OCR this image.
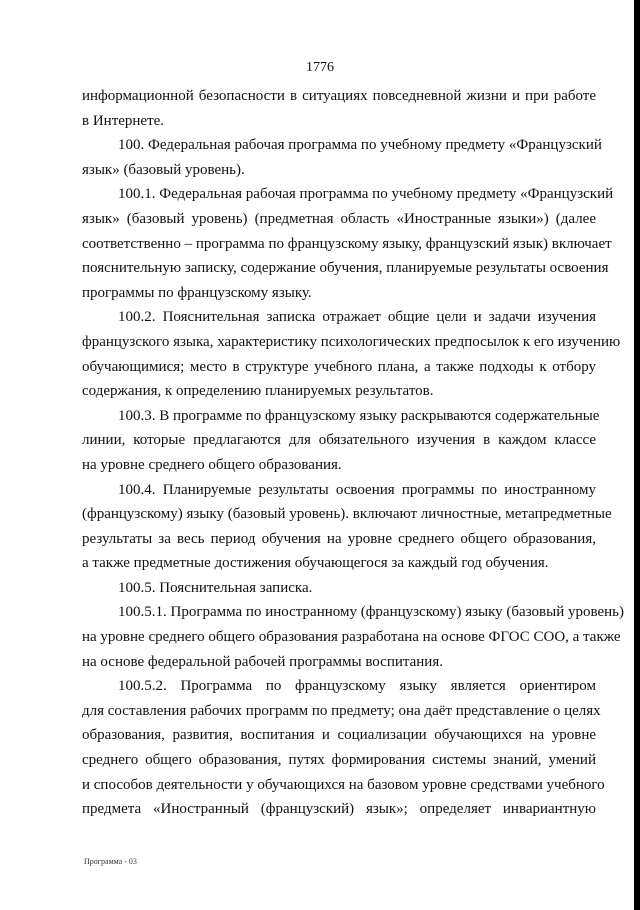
1776
информационной безопасности в ситуациях повседневной жизни и при работе
в Интернете.
100. Федеральная рабочая программа по учебному предмету «Французский
язык» (базовый уровень).
100.1. Федеральная рабочая программа по учебному предмету «Французский
язык» (базовый уровень) (предметная область «Иностранные языки») (далее
соответственно – программа по французскому языку, французский язык) включает
пояснительную записку, содержание обучения, планируемые результаты освоения
программы по французскому языку.
100.2. Пояснительная записка отражает общие цели и задачи изучения
французского языка, характеристику психологических предпосылок к его изучению
обучающимися; место в структуре учебного плана, а также подходы к отбору
содержания, к определению планируемых результатов.
100.3. В программе по французскому языку раскрываются содержательные
линии, которые предлагаются для обязательного изучения в каждом классе
на уровне среднего общего образования.
100.4. Планируемые результаты освоения программы по иностранному
(французскому) языку (базовый уровень). включают личностные, метапредметные
результаты за весь период обучения на уровне среднего общего образования,
а также предметные достижения обучающегося за каждый год обучения.
100.5. Пояснительная записка.
100.5.1. Программа по иностранному (французскому) языку (базовый уровень)
на уровне среднего общего образования разработана на основе ФГОС СОО, а также
на основе федеральной рабочей программы воспитания.
100.5.2. Программа по французскому языку является ориентиром
для составления рабочих программ по предмету; она даёт представление о целях
образования, развития, воспитания и социализации обучающихся на уровне
среднего общего образования, путях формирования системы знаний, умений
и способов деятельности у обучающихся на базовом уровне средствами учебного
предмета «Иностранный (французский) язык»; определяет инвариантную
Программа - 03
